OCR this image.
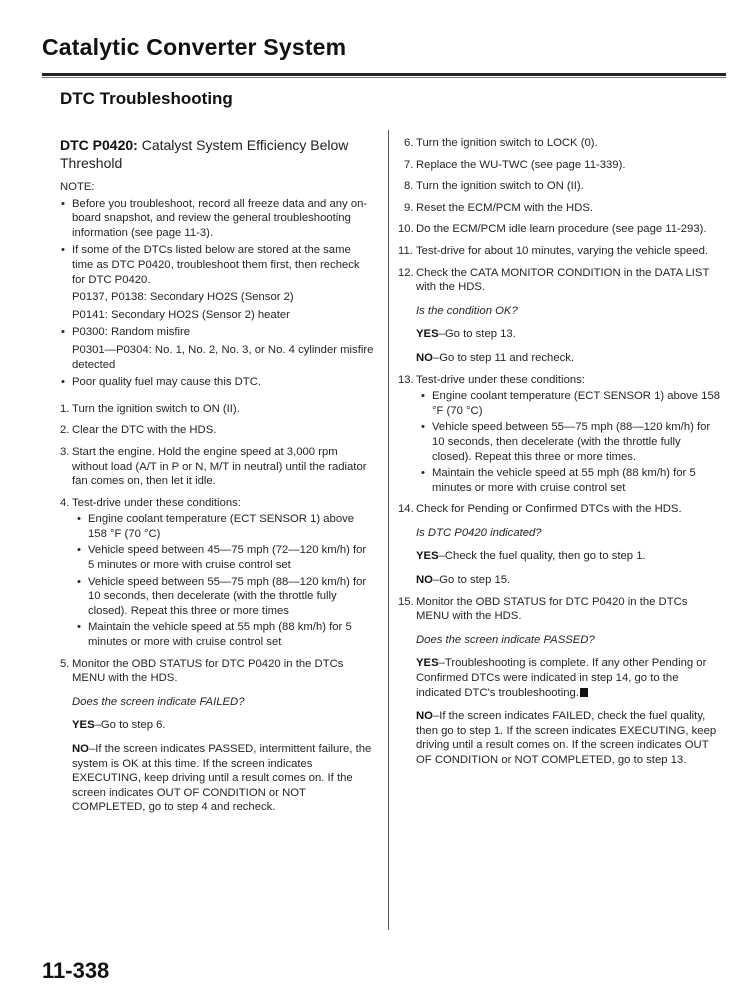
Catalytic Converter System
DTC Troubleshooting
DTC P0420: Catalyst System Efficiency Below Threshold
NOTE:
• Before you troubleshoot, record all freeze data and any on-board snapshot, and review the general troubleshooting information (see page 11-3).
• If some of the DTCs listed below are stored at the same time as DTC P0420, troubleshoot them first, then recheck for DTC P0420.
P0137, P0138: Secondary HO2S (Sensor 2)
P0141: Secondary HO2S (Sensor 2) heater
• P0300: Random misfire
P0301—P0304: No. 1, No. 2, No. 3, or No. 4 cylinder misfire detected
• Poor quality fuel may cause this DTC.
1. Turn the ignition switch to ON (II).
2. Clear the DTC with the HDS.
3. Start the engine. Hold the engine speed at 3,000 rpm without load (A/T in P or N, M/T in neutral) until the radiator fan comes on, then let it idle.
4. Test-drive under these conditions:
• Engine coolant temperature (ECT SENSOR 1) above 158 °F (70 °C)
• Vehicle speed between 45—75 mph (72—120 km/h) for 5 minutes or more with cruise control set
• Vehicle speed between 55—75 mph (88—120 km/h) for 10 seconds, then decelerate (with the throttle fully closed). Repeat this three or more times
• Maintain the vehicle speed at 55 mph (88 km/h) for 5 minutes or more with cruise control set
5. Monitor the OBD STATUS for DTC P0420 in the DTCs MENU with the HDS.
Does the screen indicate FAILED?
YES–Go to step 6.
NO–If the screen indicates PASSED, intermittent failure, the system is OK at this time. If the screen indicates EXECUTING, keep driving until a result comes on. If the screen indicates OUT OF CONDITION or NOT COMPLETED, go to step 4 and recheck.
6. Turn the ignition switch to LOCK (0).
7. Replace the WU-TWC (see page 11-339).
8. Turn the ignition switch to ON (II).
9. Reset the ECM/PCM with the HDS.
10. Do the ECM/PCM idle learn procedure (see page 11-293).
11. Test-drive for about 10 minutes, varying the vehicle speed.
12. Check the CATA MONITOR CONDITION in the DATA LIST with the HDS.
Is the condition OK?
YES–Go to step 13.
NO–Go to step 11 and recheck.
13. Test-drive under these conditions:
• Engine coolant temperature (ECT SENSOR 1) above 158 °F (70 °C)
• Vehicle speed between 55—75 mph (88—120 km/h) for 10 seconds, then decelerate (with the throttle fully closed). Repeat this three or more times.
• Maintain the vehicle speed at 55 mph (88 km/h) for 5 minutes or more with cruise control set
14. Check for Pending or Confirmed DTCs with the HDS.
Is DTC P0420 indicated?
YES–Check the fuel quality, then go to step 1.
NO–Go to step 15.
15. Monitor the OBD STATUS for DTC P0420 in the DTCs MENU with the HDS.
Does the screen indicate PASSED?
YES–Troubleshooting is complete. If any other Pending or Confirmed DTCs were indicated in step 14, go to the indicated DTC's troubleshooting.
NO–If the screen indicates FAILED, check the fuel quality, then go to step 1. If the screen indicates EXECUTING, keep driving until a result comes on. If the screen indicates OUT OF CONDITION or NOT COMPLETED, go to step 13.
11-338
